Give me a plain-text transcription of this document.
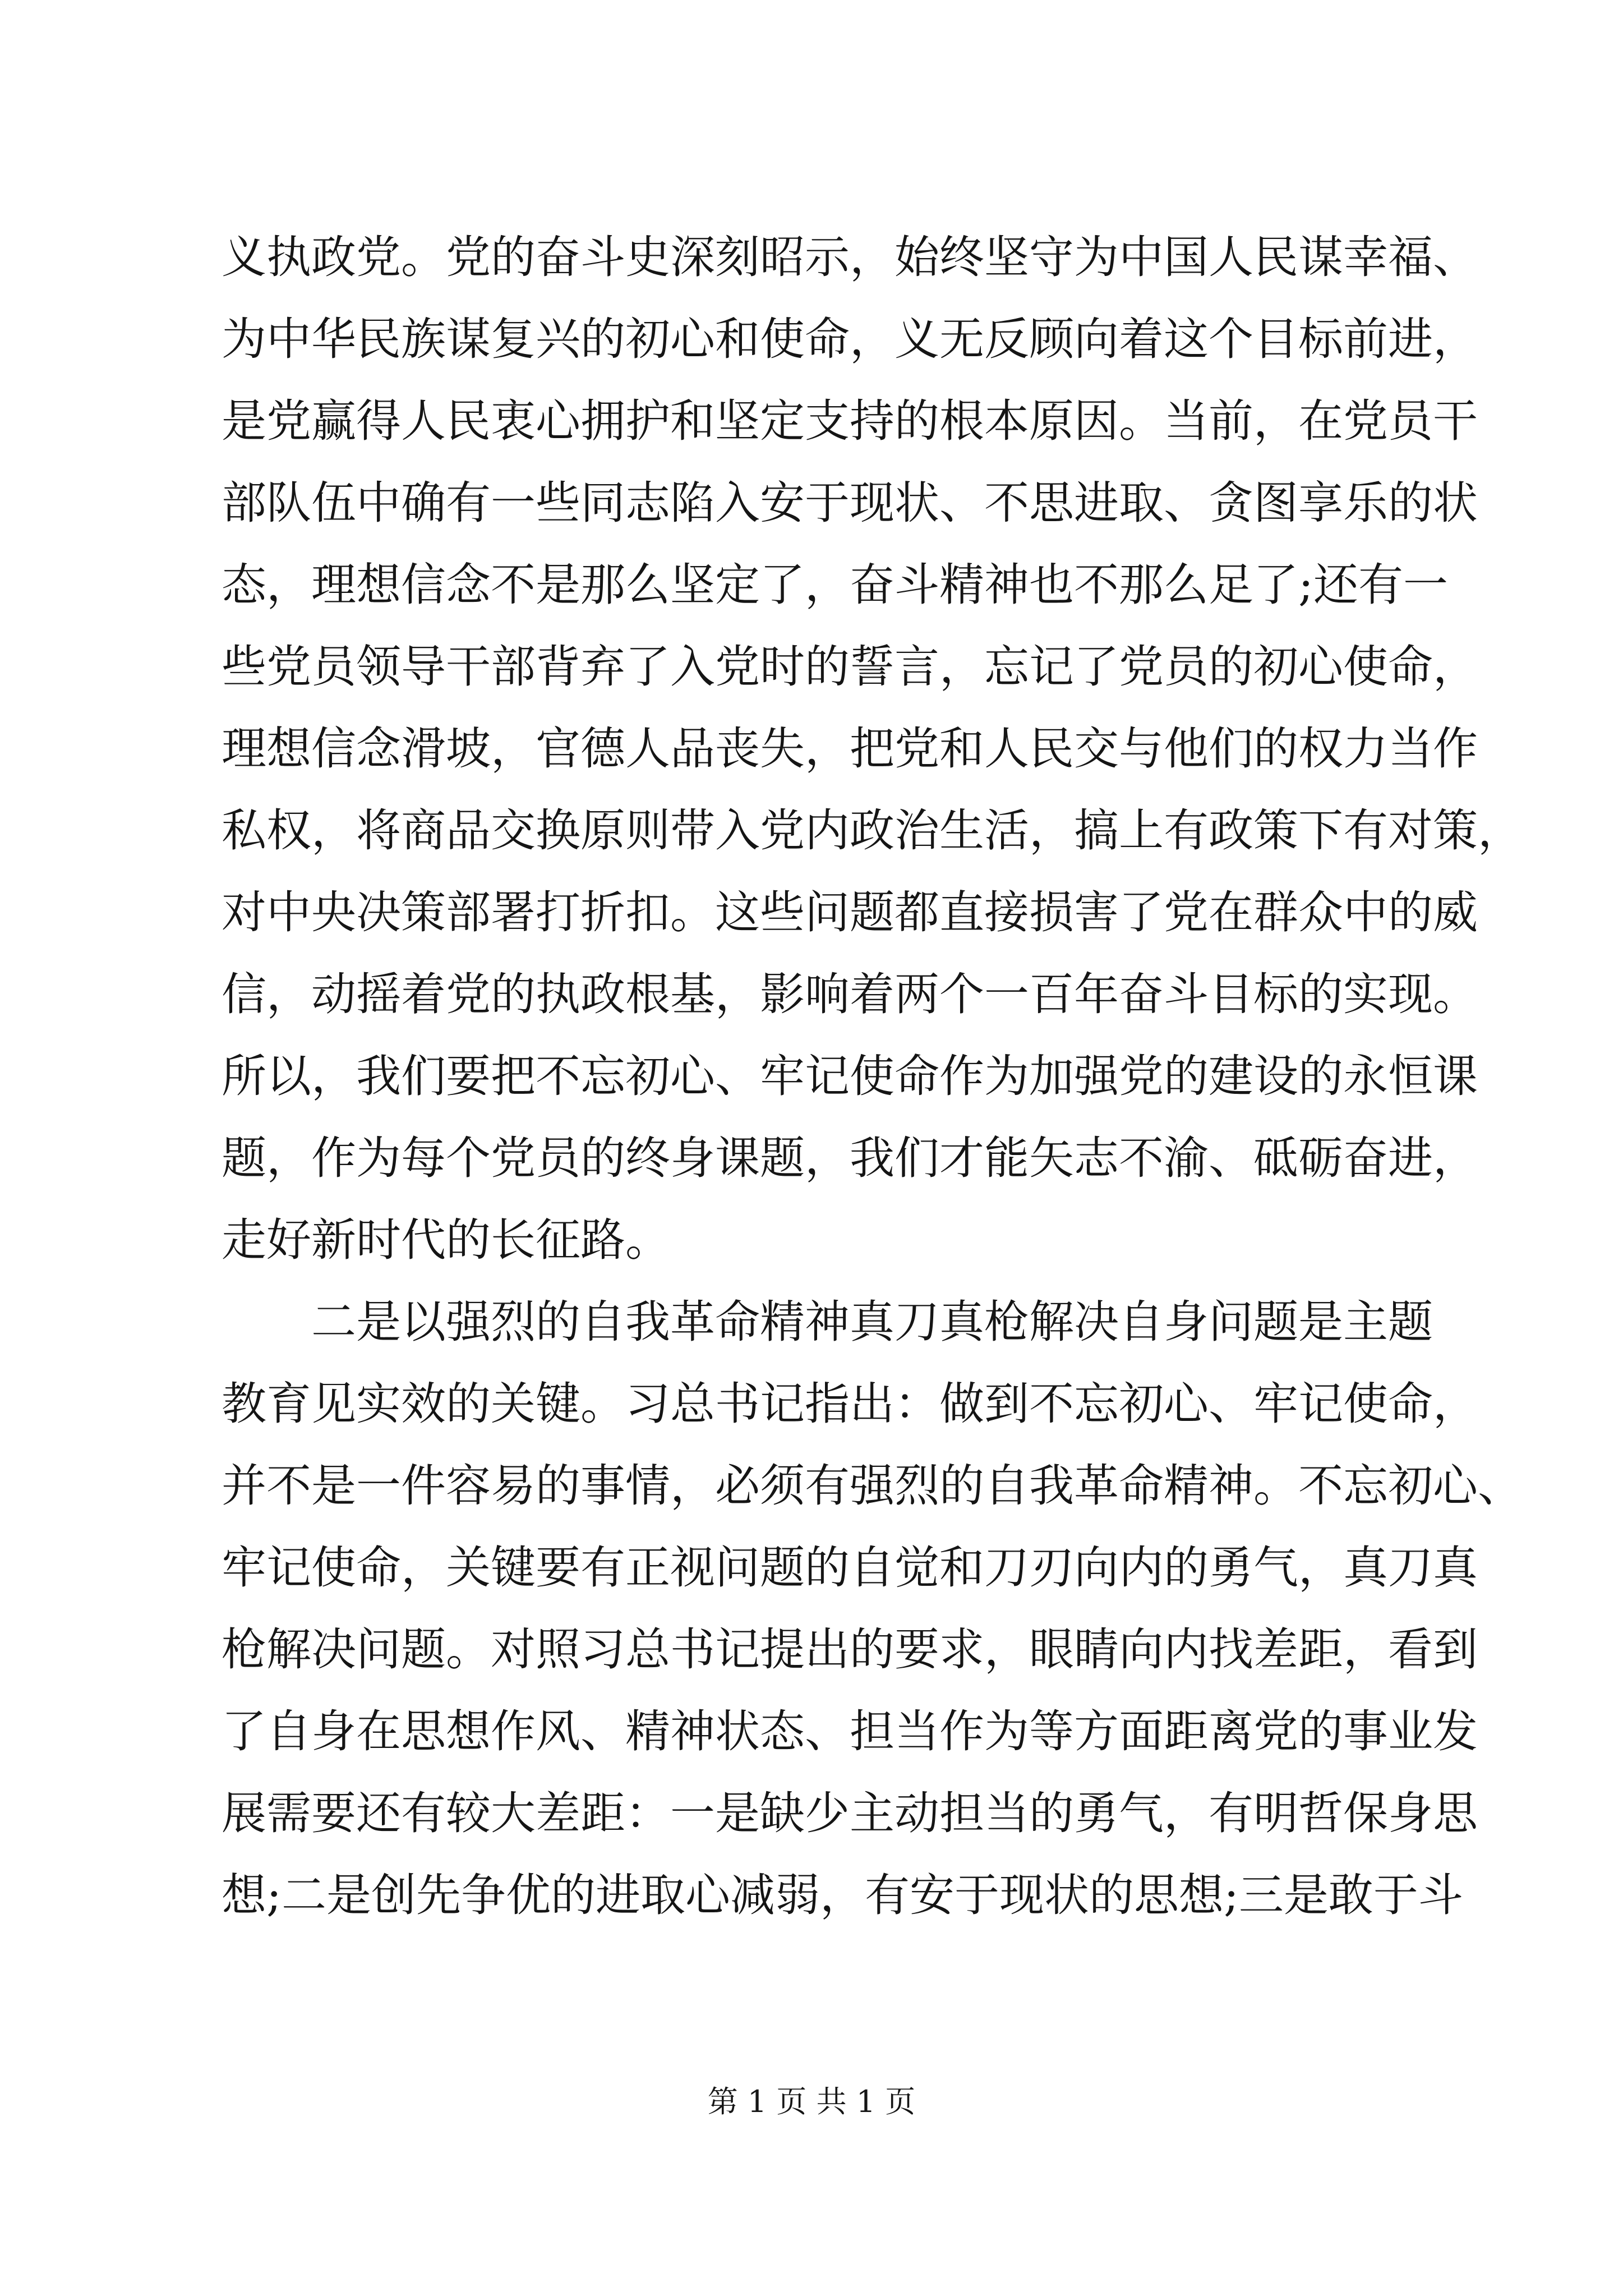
义执政党。党的奋斗史深刻昭示，始终坚守为中国人民谋幸福、
为中华民族谋复兴的初心和使命，义无反顾向着这个目标前进，
是党赢得人民衷心拥护和坚定支持的根本原因。当前，在党员干
部队伍中确有一些同志陷入安于现状、不思进取、贪图享乐的状
态，理想信念不是那么坚定了，奋斗精神也不那么足了;还有一
些党员领导干部背弃了入党时的誓言，忘记了党员的初心使命，
理想信念滑坡，官德人品丧失，把党和人民交与他们的权力当作
私权，将商品交换原则带入党内政治生活，搞上有政策下有对策，
对中央决策部署打折扣。这些问题都直接损害了党在群众中的威
信，动摇着党的执政根基，影响着两个一百年奋斗目标的实现。
所以，我们要把不忘初心、牢记使命作为加强党的建设的永恒课
题，作为每个党员的终身课题，我们才能矢志不渝、砥砺奋进，
走好新时代的长征路。
二是以强烈的自我革命精神真刀真枪解决自身问题是主题
教育见实效的关键。习总书记指出：做到不忘初心、牢记使命，
并不是一件容易的事情，必须有强烈的自我革命精神。不忘初心、
牢记使命，关键要有正视问题的自觉和刀刃向内的勇气，真刀真
枪解决问题。对照习总书记提出的要求，眼睛向内找差距，看到
了自身在思想作风、精神状态、担当作为等方面距离党的事业发
展需要还有较大差距：一是缺少主动担当的勇气，有明哲保身思
想;二是创先争优的进取心减弱，有安于现状的思想;三是敢于斗
第 1 页 共 1 页
